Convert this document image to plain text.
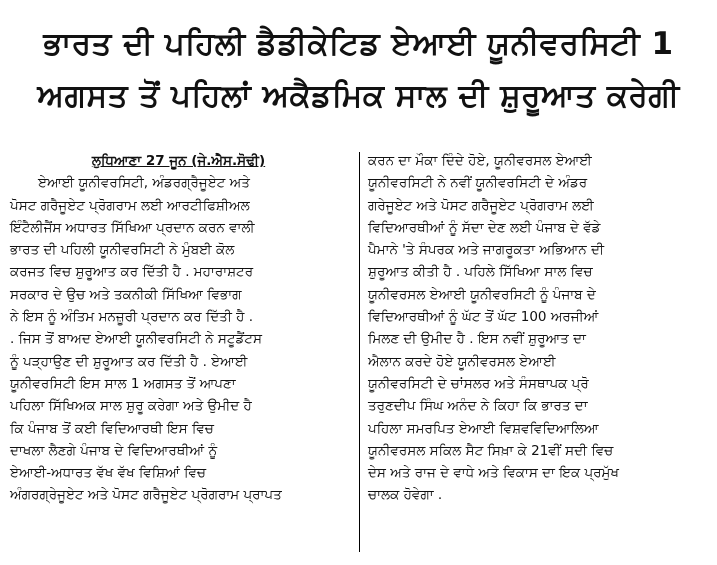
ਭਾਰਤ ਦੀ ਪਹਿਲੀ ਡੈਡੀਕੇਟਿਡ ਏਆਈ ਯੂਨੀਵਰਸਿਟੀ 1
ਅਗਸਤ ਤੋਂ ਪਹਿਲਾਂ ਅਕੈਡਮਿਕ ਸਾਲ ਦੀ ਸ਼ੁਰੂਆਤ ਕਰੇਗੀ

ਲੁਧਿਆਣਾ 27 ਜੂਨ (ਜੇ.ਐਸ.ਸੋਢੀ)

ਏਆਈ ਯੂਨੀਵਰਸਿਟੀ, ਅੰਡਰਗ੍ਰੈਜੂਏਟ ਅਤੇ

ਪੋਸਟ ਗਰੈਜੂਏਟ ਪ੍ਰੋਗਰਾਮ ਲਈ ਆਰਟੀਫਿਸ਼ੀਅਲ

ਇੰਟੈਲੀਜੈਂਸ ਅਧਾਰਤ ਸਿੱਖਿਆ ਪ੍ਰਦਾਨ ਕਰਨ ਵਾਲੀ

ਭਾਰਤ ਦੀ ਪਹਿਲੀ ਯੂਨੀਵਰਸਿਟੀ ਨੇ ਮੁੰਬਈ ਕੋਲ

ਕਰਜਤ ਵਿਚ ਸ਼ੁਰੂਆਤ ਕਰ ਦਿੱਤੀ ਹੈ . ਮਹਾਰਾਸ਼ਟਰ

ਸਰਕਾਰ ਦੇ ਉਚ ਅਤੇ ਤਕਨੀਕੀ ਸਿੱਖਿਆ ਵਿਭਾਗ

ਨੇ ਇਸ ਨੂੰ ਅੰਤਿਮ ਮਨਜ਼ੂਰੀ ਪ੍ਰਦਾਨ ਕਰ ਦਿੱਤੀ ਹੈ .

. ਜਿਸ ਤੋਂ ਬਾਅਦ ਏਆਈ ਯੂਨੀਵਰਸਿਟੀ ਨੇ ਸਟੂਡੈਂਟਸ

ਨੂੰ ਪੜ੍ਹਾਉਣ ਦੀ ਸ਼ੁਰੂਆਤ ਕਰ ਦਿੱਤੀ ਹੈ . ਏਆਈ

ਯੂਨੀਵਰਸਿਟੀ ਇਸ ਸਾਲ 1 ਅਗਸਤ ਤੋਂ ਆਪਣਾ

ਪਹਿਲਾ ਸਿੱਖਿਅਕ ਸਾਲ ਸ਼ੁਰੂ ਕਰੇਗਾ ਅਤੇ ਉਮੀਦ ਹੈ

ਕਿ ਪੰਜਾਬ ਤੋਂ ਕਈ ਵਿਦਿਆਰਥੀ ਇਸ ਵਿਚ

ਦਾਖਲਾ ਲੈਣਗੇ ਪੰਜਾਬ ਦੇ ਵਿਦਿਆਰਥੀਆਂ ਨੂੰ

ਏਆਈ-ਅਧਾਰਤ ਵੱਖ ਵੱਖ ਵਿਸ਼ਿਆਂ ਵਿਚ

ਅੰਗਰਗ੍ਰੇਜੂਏਟ ਅਤੇ ਪੋਸਟ ਗਰੈਜੂਏਟ ਪ੍ਰੋਗਰਾਮ ਪ੍ਰਾਪਤ

ਕਰਨ ਦਾ ਮੌਕਾ ਦਿੰਦੇ ਹੋਏ, ਯੂਨੀਵਰਸਲ ਏਆਈ

ਯੂਨੀਵਰਸਿਟੀ ਨੇ ਨਵੀਂ ਯੂਨੀਵਰਸਿਟੀ ਦੇ ਅੰਡਰ

ਗਰੇਜੂਏਟ ਅਤੇ ਪੋਸਟ ਗਰੈਜੂਏਟ ਪ੍ਰੋਗਰਾਮ ਲਈ

ਵਿਦਿਆਰਥੀਆਂ ਨੂੰ ਸੱਦਾ ਦੇਣ ਲਈ ਪੰਜਾਬ ਦੇ ਵੱਡੇ

ਪੈਮਾਨੇ 'ਤੇ ਸੰਪਰਕ ਅਤੇ ਜਾਗਰੂਕਤਾ ਅਭਿਆਨ ਦੀ

ਸ਼ੁਰੂਆਤ ਕੀਤੀ ਹੈ . ਪਹਿਲੇ ਸਿੱਖਿਆ ਸਾਲ ਵਿਚ

ਯੂਨੀਵਰਸਲ ਏਆਈ ਯੂਨੀਵਰਸਿਟੀ ਨੂੰ ਪੰਜਾਬ ਦੇ

ਵਿਦਿਆਰਥੀਆਂ ਨੂੰ ਘੱਟ ਤੋਂ ਘੱਟ 100 ਅਰਜੀਆਂ

ਮਿਲਣ ਦੀ ਉਮੀਦ ਹੈ . ਇਸ ਨਵੀਂ ਸ਼ੁਰੂਆਤ ਦਾ

ਐਲਾਨ ਕਰਦੇ ਹੋਏ ਯੂਨੀਵਰਸਲ ਏਆਈ

ਯੂਨੀਵਰਸਿਟੀ ਦੇ ਚਾਂਸਲਰ ਅਤੇ ਸੰਸਥਾਪਕ ਪ੍ਰੋ

ਤਰੁਣਦੀਪ ਸਿੰਘ ਅਨੰਦ ਨੇ ਕਿਹਾ ਕਿ ਭਾਰਤ ਦਾ

ਪਹਿਲਾ ਸਮਰਪਿਤ ਏਆਈ ਵਿਸ਼ਵਵਿਦਿਆਲਿਆ

ਯੂਨੀਵਰਸਲ ਸਕਿਲ ਸੈਟ ਸਿਖ਼ਾ ਕੇ 21ਵੀਂ ਸਦੀ ਵਿਚ

ਦੇਸ ਅਤੇ ਰਾਜ ਦੇ ਵਾਧੇ ਅਤੇ ਵਿਕਾਸ ਦਾ ਇਕ ਪ੍ਰਮੁੱਖ

ਚਾਲਕ ਹੋਵੇਗਾ .
